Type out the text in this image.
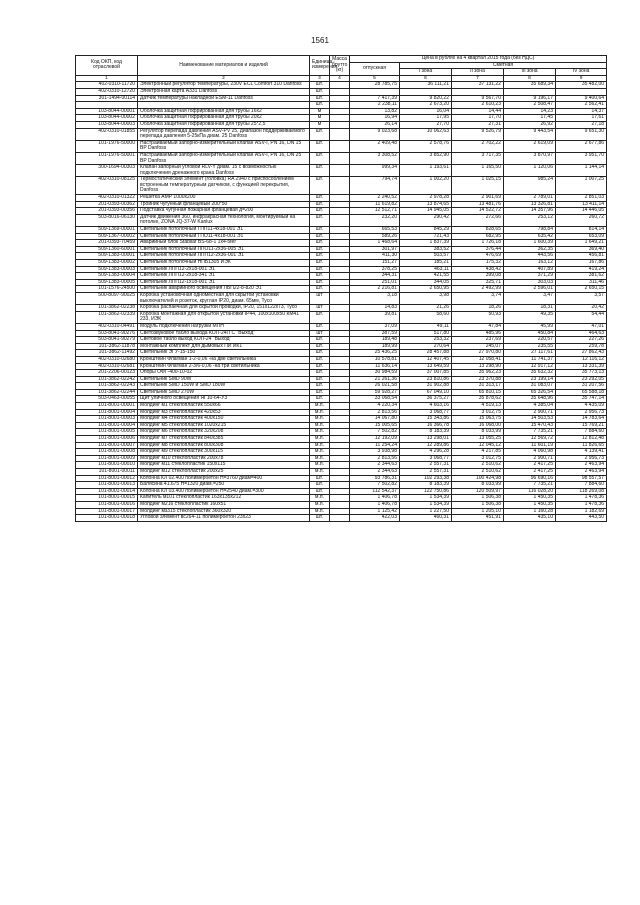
1561
Код ОКП, код отраслевой	Наименование материалов и изделий	Единица измерения	Масса брутто (кг)	Цена в рублях на 4 квартал 2015 года (без НДС)				
				отпускная	Сметная			
					I зона	II зона	III зона	IV зона
1	2	3	4	5	6	7	8	9
402-0310-11720	Электронный регулятор температуры, 230V ECL Comfort 310 Danfoss	шт.		28 785,75	36 111,21	37 131,22	35 689,34	35 482,00
402-0310-12720	Электронная карта A331 Danfoss	шт.						
301-1494-00114	Датчик температуры накладной ESM-11 Danfoss	шт.		7 417,39	9 820,22	9 567,70	9 196,17	9 400,64
		шт.		2 238,11	2 673,20	2 610,23	2 508,47	2 562,41
103-8044-00001	Оболочка защитная гофрированная для трубы 16х2	м		13,82	16,04	14,44	14,23	14,37
103-8044-00002	Оболочка защитная гофрированная для трубы 20х2	м		16,94	17,95	17,70	17,45	17,61
103-8044-00003	Оболочка защитная гофрированная для трубы 25*2,5	м		26,14	27,70	27,31	26,92	27,18
402-0310-01855	Регулятор перепада давления ASV-PV 25, диапазон поддерживаемого перепада давления 5-25кПа диам. 25 Danfoss	шт.		9 023,68	10 062,63	9 526,79	9 443,54	9 651,30
101-1976-50000	Настраиваемый запорно-измерительный клапан ASV-I, PN 16, DN 15 BP Danfoss	шт.		2 409,48	2 578,76	2 702,22	2 619,09	2 677,86
101-1976-50001	Настраиваемый запорно-измерительный клапан ASV-I, PN 16, DN 25 BP Danfoss	шт.		3 308,52	3 852,90	3 717,35	3 870,97	3 951,70
300-1694-00303	Клапан запорный угловой RLV-Y диам. 15 с возможностью подключения дренажного крана Danfoss	шт.		999,34	1 193,61	1 165,50	1 120,06	1 144,14
402-0310-08125	Термостатический элемент (головка) RA 2940 с приспособлением встроенным температурным датчиком, с функцией перекрытия, Danfoss	шт.		794,74	1 002,20	1 025,15	985,24	1 007,25
402-0310-01322	Решетка AMP 1000х200	шт.		2 240,52	2 978,28	2 901,69	2 789,01	2 851,03
201-0393-00362	Тройник чугунный фланцевый 200*50	шт.		11 619,82	13 874,65	13 481,76	13 326,81	13 411,14
201-0393-00356	Подставка чугунная пожарная фланцевая д=200	шт.		12 512,71	14 945,05	14 522,72	14 357,96	14 446,05
503-8016-06130	Датчик движения 360, инфракрасная технология, монтируемый на потолке, ZONA JQ-37-W Kanlux	шт.		232,20	290,42	272,66	253,12	260,72
509-1369-00001	Светильник потолочный ГПП11-4х18-001 Э1	шт.		665,53	845,29	828,65	798,84	814,14
509-1367-00002	Светильник потолочный ГПО11-4х18-001 Э1	шт.		589,26	721,43	682,95	635,42	653,09
201-0393-70459	Аварийный блок Stabilar BS-68-1 1х4-5ter	шт.		1 468,64	1 837,39	1 726,18	1 600,39	1 649,21
509-1360-60001	Светильник потолочный ЛПО11-2х36-005 Э1	шт.		301,97	383,52	376,44	362,35	369,40
509-1383-00001	Светильник потолочный ЛПП12-2х36-001 Э1	шт.		411,30	503,57	476,69	443,56	456,81
509-1383-00002	Светильник потолочный НПБ1305 ИЭК	шт.		151,27	185,21	175,32	163,12	167,86
509-1383-00003	Светильник ЛПП12-2х18-001 Э1	шт.		378,25	463,11	438,42	407,89	419,24
509-1383-00004	Светильник ЛПП12-2х18-341 Э1	шт.		344,31	421,55	399,08	371,29	381,62
509-1383-00005	Светильник ЛПП12-1х18-001 Э1	шт.		251,01	344,05	325,71	303,03	311,46
101-1576-24500	Светильник аварийного освещения ЛБП22-8-820 Э1	шт.		2 216,81	2 650,95	2 492,99	2 596,01	2 650,15
500-8097-90025	Коробка установочная одноместная для скрытой установки выключателей и розеток, круглая IP20, диам. 65мм, Tyco	шт		3,18	3,98	3,74	3,47	3,57
101-3862-02238	Коробка распаечная для скрытой проводки, IP20, 151х122х73, Tyco	шт		14,83	21,26	18,26	18,31	20,42
101-3862-02339	Коробка монтажная для открытой установки IP44, 100х100х50 КМ41 233, ИЭК	шт.		39,81	58,60	50,93	49,35	54,44
402-0310-04491	Модуль подключения нагрузки МПН	шт.		37,09	49,11	47,84	45,99	47,01
503-8041-90276	Светозвуковое табло выхода КОП-24П С "Выход"	шт		387,59	517,80	485,96	450,84	464,63
503-8041-90279	Световое табло выход КОП-24 "Выход"	шт.		189,48	253,32	237,69	220,57	227,26
101-3862-11878	Монтажный комплект для дымовых ПИ ИК1	шт.		189,99	270,64	245,07	235,55	259,78
101-3862-11492	Светильник ЭГУ-15-150	шт.		25 436,25	28 457,88	27 970,80	27 117,61	27 862,43
402-0310-02680	Кронштейн Флагман 1-2-0,06 -на две светильника	шт.		10 578,81	12 407,45	12 058,41	11 741,37	12 116,12
402-0310-02681	Кронштейн Флагман 2-3/6-0,06 -на три светильника	шт.		11 636,14	13 649,59	13 298,90	12 917,12	13 331,39
201-2206-00123	Опоры ОФГ-400-10-02	шт.		30 984,59	37 007,85	35 962,23	35 632,32	35 773,13
101-3862-02242	Светильник SMD 90W	шт.		21 261,36	23 810,86	23 370,88	23 199,14	23 292,05
101-3862-02243	Светильник SMD 150W и SMD 180W	шт.		26 021,58	31 902,88	31 313,17	31 083,07	31 207,56
101-3862-02244	Светильник SMD 270W	шт.		59 928,27	67 049,10	65 810,15	65 326,54	65 588,18
503-0463-00055	Щит уличного освещения ЯГ10-64-У3	шт.		33 068,54	36 375,27	35 878,62	35 648,96	35 747,14
101-8001-00001	Молдинг м1 стеклопластик 550х66	м.п.		4 220,34	4 603,16	4 519,13	4 385,04	4 435,09
101-8001-00004	Молдинг м3 стеклопластик 420х53	м.п.		2 813,56	3 068,77	3 012,75	2 900,71	2 956,73
101-8001-00003	Молдинг м4 стеклопластик 400х150	м.п.		14 067,80	15 343,86	15 063,75	14 503,53	14 783,64
101-8001-00004	Молдинг м5 стеклопластик 1020х215	м.п.		15 005,65	16 366,78	16 068,00	15 470,43	15 769,21
101-8001-00005	Молдинг м6 стеклопластик 320х208	м.п.		7 502,82	8 183,39	8 033,99	7 735,21	7 884,60
101-8001-00006	Молдинг м7 стеклопластик 840х385	м.п.		12 192,09	13 298,01	13 055,25	12 569,72	12 812,48
101-8001-00007	Молдинг м8 стеклопластик 800х308	м.п.		11 254,24	12 289,86	12 045,12	11 601,19	11 826,65
101-8001-00008	Молдинг м9 стеклопластик 300х115	м.п.		3 938,98	4 296,28	4 217,85	4 060,98	4 139,41
101-8001-00009	Молдинг м10 стеклопластик 200х78	м.п.		2 813,56	3 068,77	3 012,75	2 900,71	2 956,73
101-8001-00010	Молдинг м11 стеклопластик 150х115	м.п.		2 344,63	2 557,31	2 510,62	2 417,25	2 463,94
101-8001-00011	Молдинг м12 стеклопластик 200х25	м.п.		2 344,63	2 557,31	2 510,62	2 417,25	2 463,94
101-8001-00012	Колонна КЛ 02.400 полимербетон Н=3760 диам=400	шт.		93 786,31	102 293,38	100 424,98	96 690,16	98 557,57
101-8001-00013	Балясина 41.675 Н=1320 диам.=250	шт.		7 502,82	8 183,39	8 033,99	7 735,21	7 884,60
101-8001-00014	Колонна КЛ 03.400 полимербетон Н=2540 диам.=300	шт.		112 542,37	122 750,86	120 509,97	116 028,20	118 269,08
101-8001-00015	Капитель м101 стеклопластик 163х135х212	м.п.		1 406,78	1 534,39	1 506,38	1 450,35	1 478,36
101-8001-00016	Молдинг м216 стеклопластик 160х51	м.п.		1 406,78	1 534,39	1 506,38	1 450,35	1 478,36
101-8001-00017	Молдинг мз315 стеклопластик 360х320	м.п.		1 125,42	1 227,50	1 205,10	1 160,28	1 182,69
101-8001-00018	Угловой элемент вс264-11 полимербетон 23х23	шт.		422,03	460,31	451,91	435,10	443,50
